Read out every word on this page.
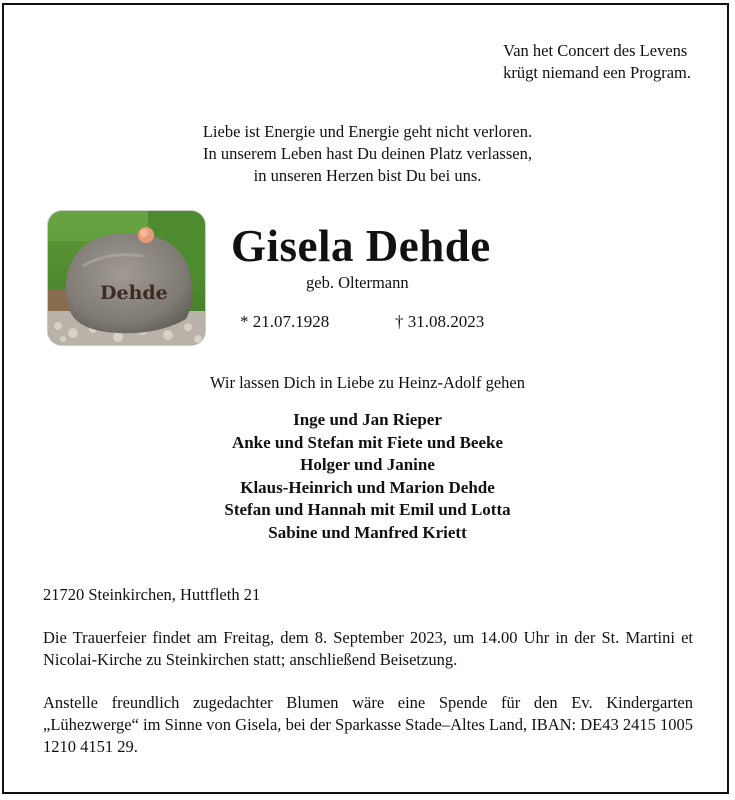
Van het Concert des Levens
krügt niemand een Program.
Liebe ist Energie und Energie geht nicht verloren.
In unserem Leben hast Du deinen Platz verlassen,
in unseren Herzen bist Du bei uns.
Dehde
Gisela Dehde
geb. Oltermann
* 21.07.1928	† 31.08.2023
Wir lassen Dich in Liebe zu Heinz-Adolf gehen
Inge und Jan Rieper
Anke und Stefan mit Fiete und Beeke
Holger und Janine
Klaus-Heinrich und Marion Dehde
Stefan und Hannah mit Emil und Lotta
Sabine und Manfred Kriett
21720 Steinkirchen, Huttfleth 21
Die Trauerfeier findet am Freitag, dem 8. September 2023, um 14.00 Uhr in der St. Martini et Nicolai-Kirche zu Steinkirchen statt; anschließend Beisetzung.
Anstelle freundlich zugedachter Blumen wäre eine Spende für den Ev. Kindergarten „Lühezwerge“ im Sinne von Gisela, bei der Sparkasse Stade–Altes Land, IBAN: DE43 2415 1005 1210 4151 29.
